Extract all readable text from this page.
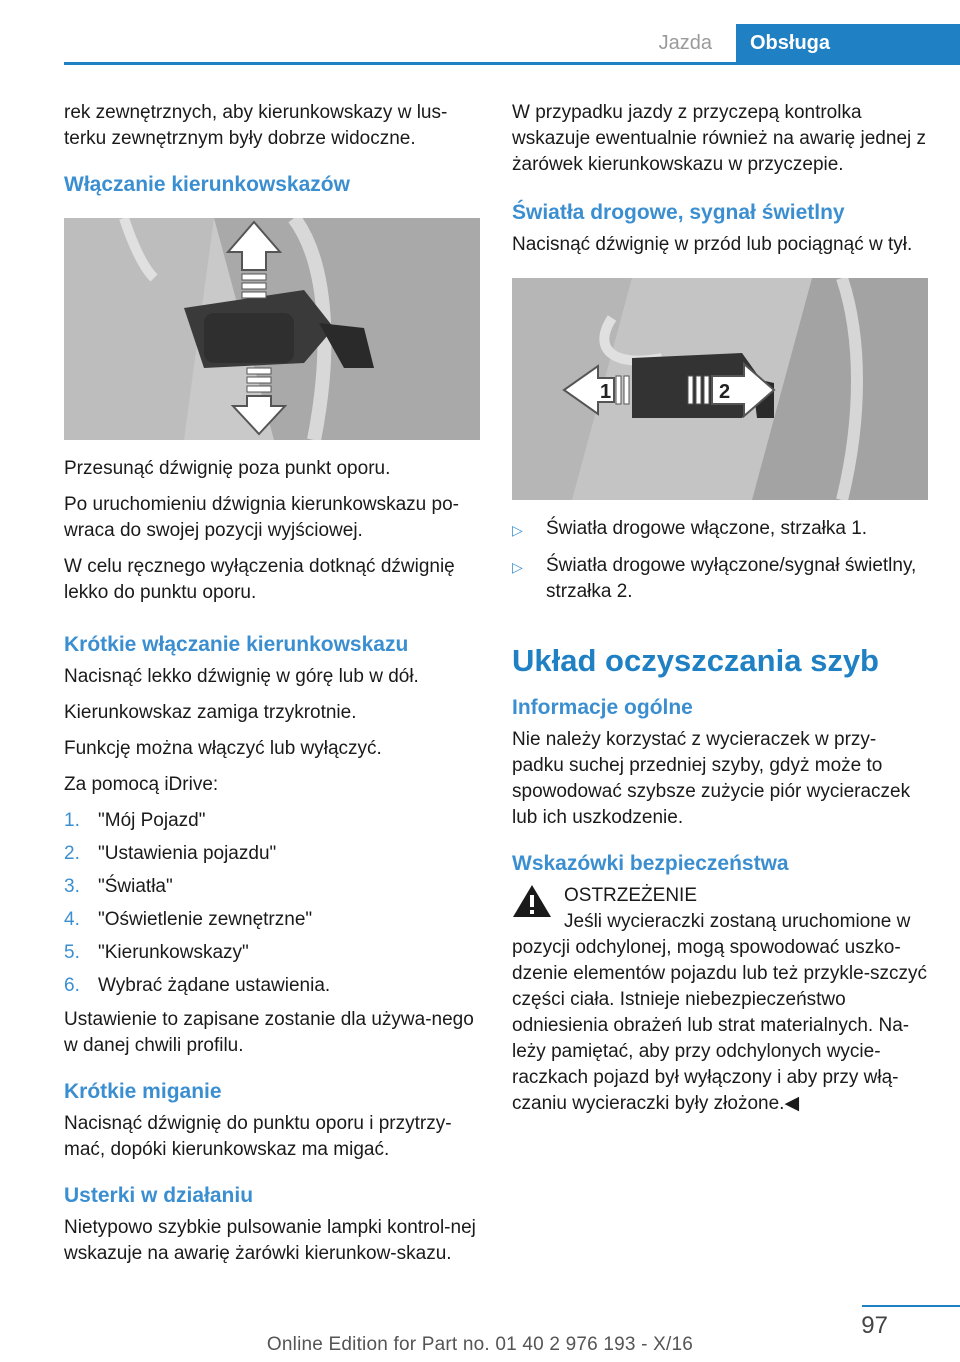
Jazda	Obsługa

rek zewnętrznych, aby kierunkowskazy w lus‐terku zewnętrznym były dobrze widoczne.

Włączanie kierunkowskazów

Przesunąć dźwignię poza punkt oporu.

Po uruchomieniu dźwignia kierunkowskazu po‐wraca do swojej pozycji wyjściowej.

W celu ręcznego wyłączenia dotknąć dźwignię lekko do punktu oporu.

Krótkie włączanie kierunkowskazu

Nacisnąć lekko dźwignię w górę lub w dół.

Kierunkowskaz zamiga trzykrotnie.

Funkcję można włączyć lub wyłączyć.

Za pomocą iDrive:

1. "Mój Pojazd"
2. "Ustawienia pojazdu"
3. "Światła"
4. "Oświetlenie zewnętrzne"
5. "Kierunkowskazy"
6. Wybrać żądane ustawienia.

Ustawienie to zapisane zostanie dla używa‐nego w danej chwili profilu.

Krótkie miganie

Nacisnąć dźwignię do punktu oporu i przytrzy‐mać, dopóki kierunkowskaz ma migać.

Usterki w działaniu

Nietypowo szybkie pulsowanie lampki kontrol‐nej wskazuje na awarię żarówki kierunkow‐skazu.

W przypadku jazdy z przyczepą kontrolka wskazuje ewentualnie również na awarię jednej z żarówek kierunkowskazu w przyczepie.

Światła drogowe, sygnał świetlny

Nacisnąć dźwignię w przód lub pociągnąć w tył.

1	2
▷	Światła drogowe włączone, strzałka 1.
▷	Światła drogowe wyłączone/sygnał świetlny, strzałka 2.
Układ oczyszczania szyb
Informacje ogólne

Nie należy korzystać z wycieraczek w przy‐padku suchej przedniej szyby, gdyż może to spowodować szybsze zużycie piór wycieraczek lub ich uszkodzenie.

Wskazówki bezpieczeństwa
OSTRZEŻENIE
Jeśli wycieraczki zostaną uruchomione w

pozycji odchylonej, mogą spowodować uszko‐dzenie elementów pojazdu lub też przykle‐szczyć części ciała. Istnieje niebezpieczeństwo odniesienia obrażeń lub strat materialnych. Na‐leży pamiętać, aby przy odchylonych wycie‐raczkach pojazd był wyłączony i aby przy włą‐czaniu wycieraczki były złożone.◀

97
Online Edition for Part no. 01 40 2 976 193 - X/16
